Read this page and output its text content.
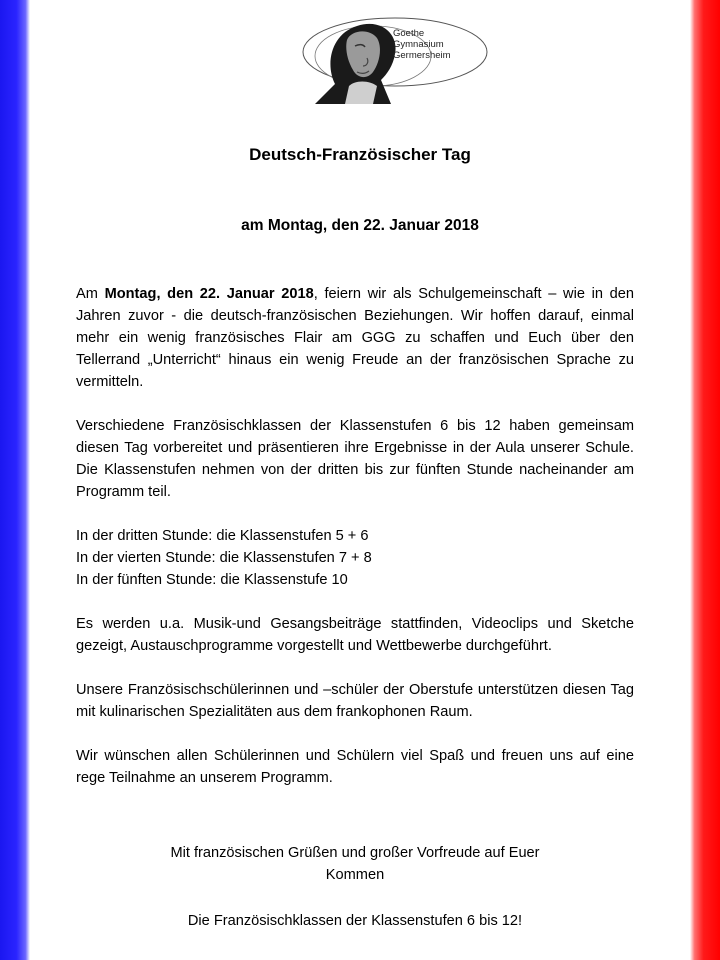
Goethe
Gymnasium
Germersheim
Deutsch-Französischer Tag
am Montag, den 22. Januar 2018

Am Montag, den 22. Januar 2018, feiern wir als Schulgemeinschaft – wie in den Jahren zuvor - die deutsch-französischen Beziehungen. Wir hoffen darauf, einmal mehr ein wenig französisches Flair am GGG zu schaffen und Euch über den Tellerrand „Unterricht“ hinaus ein wenig Freude an der französischen Sprache zu vermitteln.

Verschiedene Französischklassen der Klassenstufen 6 bis 12 haben gemeinsam diesen Tag vorbereitet und präsentieren ihre Ergebnisse in der Aula unserer Schule. Die Klassenstufen nehmen von der dritten bis zur fünften Stunde nacheinander am Programm teil.

In der dritten Stunde: die Klassenstufen 5 + 6
In der vierten Stunde: die Klassenstufen 7 + 8
In der fünften Stunde: die Klassenstufe 10

Es werden u.a. Musik-und Gesangsbeiträge stattfinden, Videoclips und Sketche gezeigt, Austauschprogramme vorgestellt und Wettbewerbe durchgeführt.

Unsere Französischschülerinnen und –schüler der Oberstufe unterstützen diesen Tag mit kulinarischen Spezialitäten aus dem frankophonen Raum.

Wir wünschen allen Schülerinnen und Schülern viel Spaß und freuen uns auf eine rege Teilnahme an unserem Programm.

Mit französischen Grüßen und großer Vorfreude auf Euer
Kommen
Die Französischklassen der Klassenstufen 6 bis 12!
